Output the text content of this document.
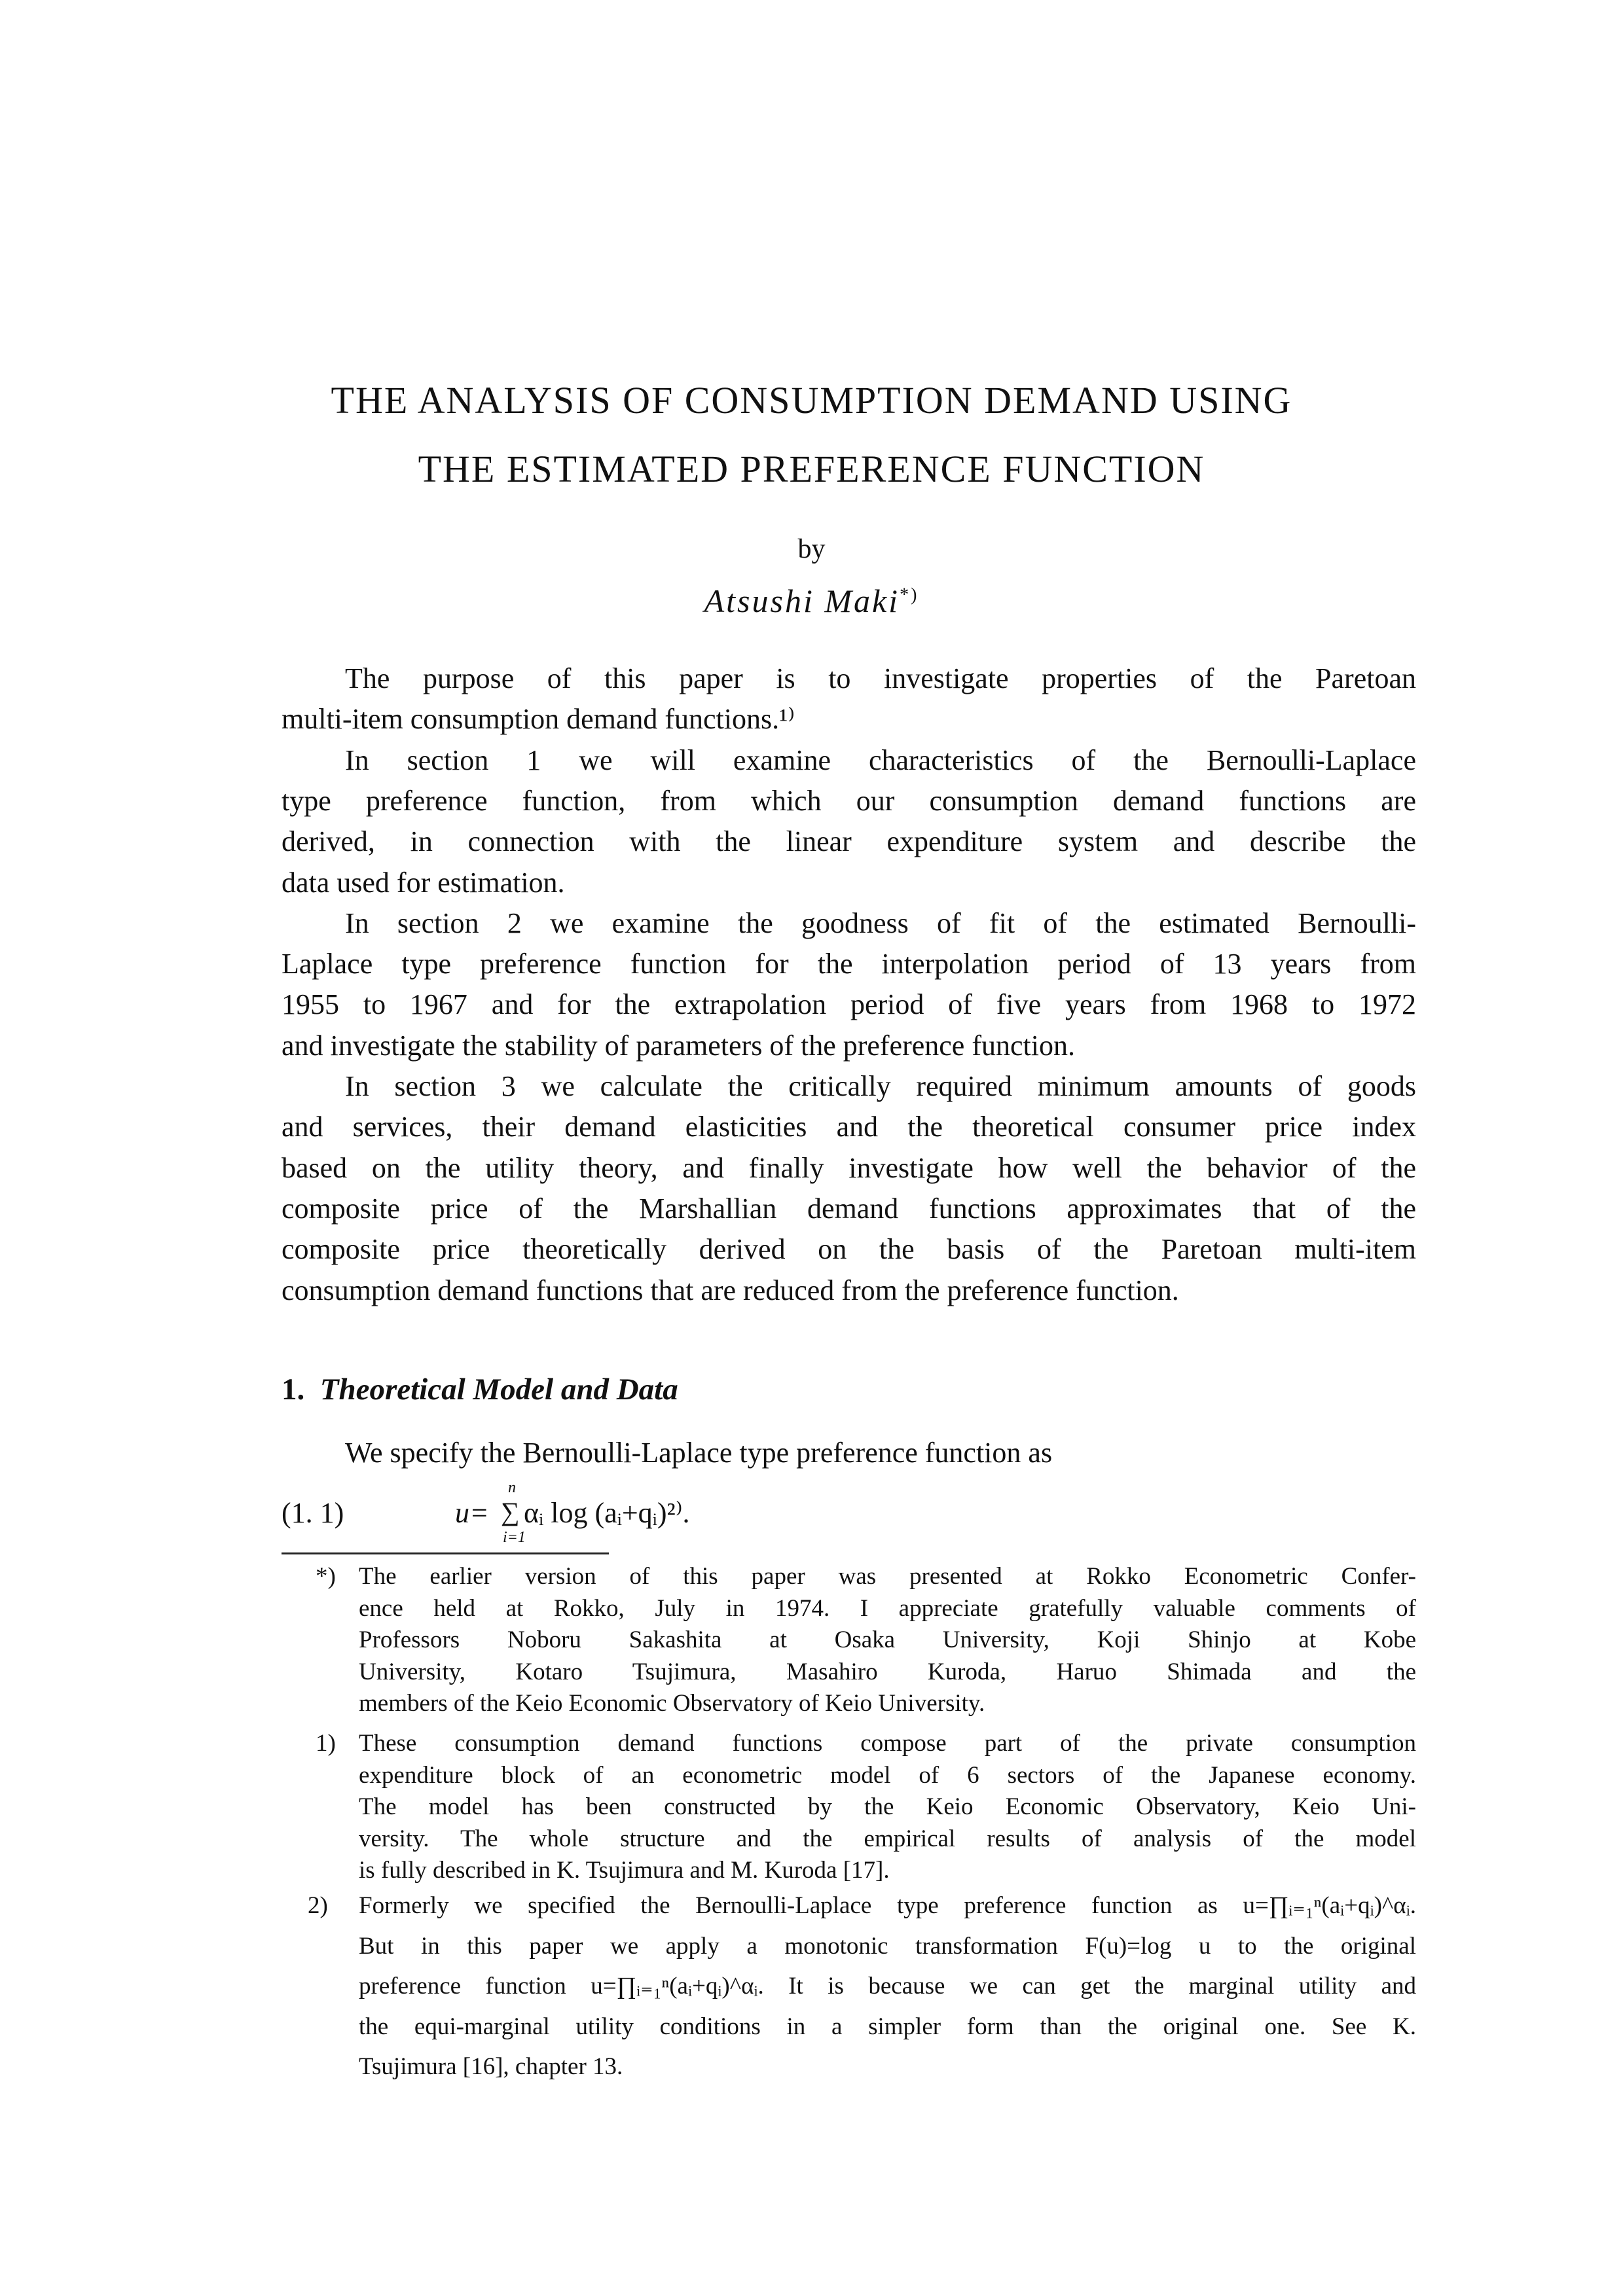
THE ANALYSIS OF CONSUMPTION DEMAND USING
THE ESTIMATED PREFERENCE FUNCTION
by
Atsushi Maki*)
The purpose of this paper is to investigate properties of the Paretoan
multi-item consumption demand functions.¹⁾
In section 1 we will examine characteristics of the Bernoulli-Laplace
type preference function, from which our consumption demand functions are
derived, in connection with the linear expenditure system and describe the
data used for estimation.
In section 2 we examine the goodness of fit of the estimated Bernoulli-
Laplace type preference function for the interpolation period of 13 years from
1955 to 1967 and for the extrapolation period of five years from 1968 to 1972
and investigate the stability of parameters of the preference function.
In section 3 we calculate the critically required minimum amounts of goods
and services, their demand elasticities and the theoretical consumer price index
based on the utility theory, and finally investigate how well the behavior of the
composite price of the Marshallian demand functions approximates that of the
composite price theoretically derived on the basis of the Paretoan multi-item
consumption demand functions that are reduced from the preference function.
1. Theoretical Model and Data
We specify the Bernoulli-Laplace type preference function as
(1. 1)	u= ∑
n
i=1
αᵢ log (aᵢ+qᵢ)²⁾.
*) The earlier version of this paper was presented at Rokko Econometric Confer-
ence held at Rokko, July in 1974. I appreciate gratefully valuable comments of
Professors Noboru Sakashita at Osaka University, Koji Shinjo at Kobe
University, Kotaro Tsujimura, Masahiro Kuroda, Haruo Shimada and the
members of the Keio Economic Observatory of Keio University.
1) These consumption demand functions compose part of the private consumption
expenditure block of an econometric model of 6 sectors of the Japanese economy.
The model has been constructed by the Keio Economic Observatory, Keio Uni-
versity. The whole structure and the empirical results of analysis of the model
is fully described in K. Tsujimura and M. Kuroda [17].
2) Formerly we specified the Bernoulli-Laplace type preference function as u=∏ᵢ₌₁ⁿ(aᵢ+qᵢ)^αᵢ.
But in this paper we apply a monotonic transformation F(u)=log u to the original
preference function u=∏ᵢ₌₁ⁿ(aᵢ+qᵢ)^αᵢ. It is because we can get the marginal utility and
the equi-marginal utility conditions in a simpler form than the original one. See K.
Tsujimura [16], chapter 13.
